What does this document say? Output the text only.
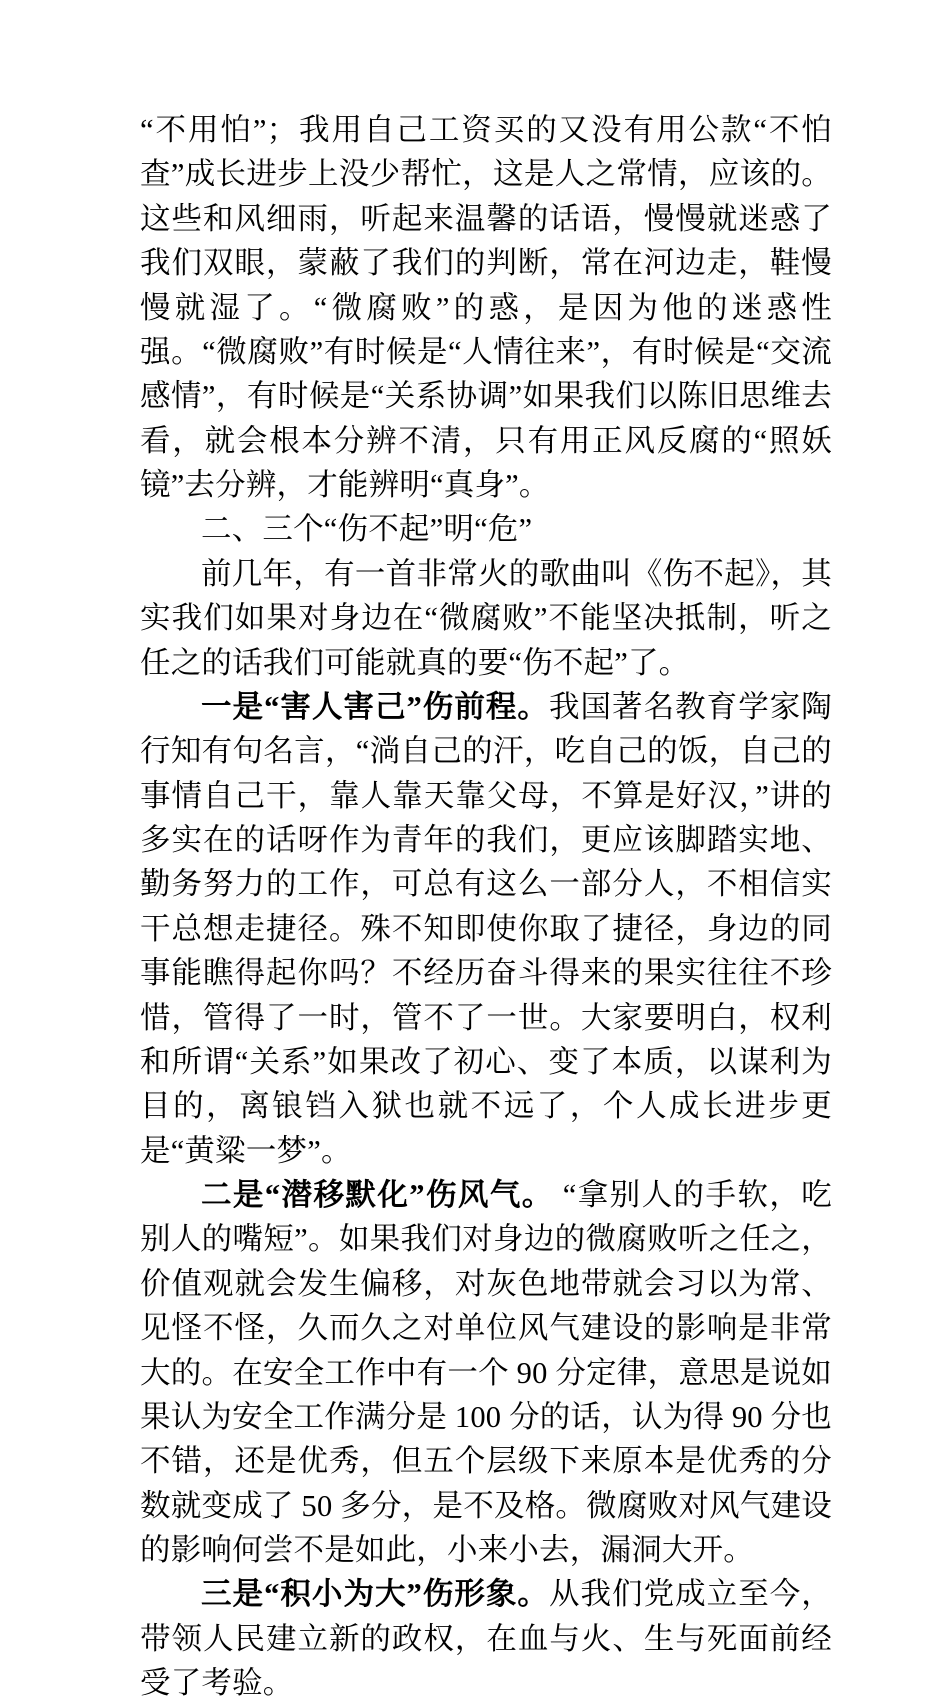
“不用怕”；我用自己工资买的又没有用公款“不怕查”成长进步上没少帮忙，这是人之常情，应该的。这些和风细雨，听起来温馨的话语，慢慢就迷惑了我们双眼，蒙蔽了我们的判断，常在河边走，鞋慢慢就湿了。“微腐败”的惑，是因为他的迷惑性强。“微腐败”有时候是“人情往来”，有时候是“交流感情”，有时候是“关系协调”如果我们以陈旧思维去看，就会根本分辨不清，只有用正风反腐的“照妖镜”去分辨，才能辨明“真身”。

二、三个“伤不起”明“危”

前几年，有一首非常火的歌曲叫《伤不起》，其实我们如果对身边在“微腐败”不能坚决抵制，听之任之的话我们可能就真的要“伤不起”了。

一是“害人害己”伤前程。我国著名教育学家陶行知有句名言，“淌自己的汗，吃自己的饭，自己的事情自己干，靠人靠天靠父母，不算是好汉，”讲的多实在的话呀作为青年的我们，更应该脚踏实地、勤务努力的工作，可总有这么一部分人，不相信实干总想走捷径。殊不知即使你取了捷径，身边的同事能瞧得起你吗？不经历奋斗得来的果实往往不珍惜，管得了一时，管不了一世。大家要明白，权利和所谓“关系”如果改了初心、变了本质，以谋利为目的，离锒铛入狱也就不远了，个人成长进步更是“黄粱一梦”。

二是“潜移默化”伤风气。 “拿别人的手软，吃别人的嘴短”。如果我们对身边的微腐败听之任之，价值观就会发生偏移，对灰色地带就会习以为常、见怪不怪，久而久之对单位风气建设的影响是非常大的。在安全工作中有一个 90 分定律，意思是说如果认为安全工作满分是 100 分的话，认为得 90 分也不错，还是优秀，但五个层级下来原本是优秀的分数就变成了 50 多分，是不及格。微腐败对风气建设的影响何尝不是如此，小来小去，漏洞大开。

三是“积小为大”伤形象。从我们党成立至今，带领人民建立新的政权，在血与火、生与死面前经受了考验。
